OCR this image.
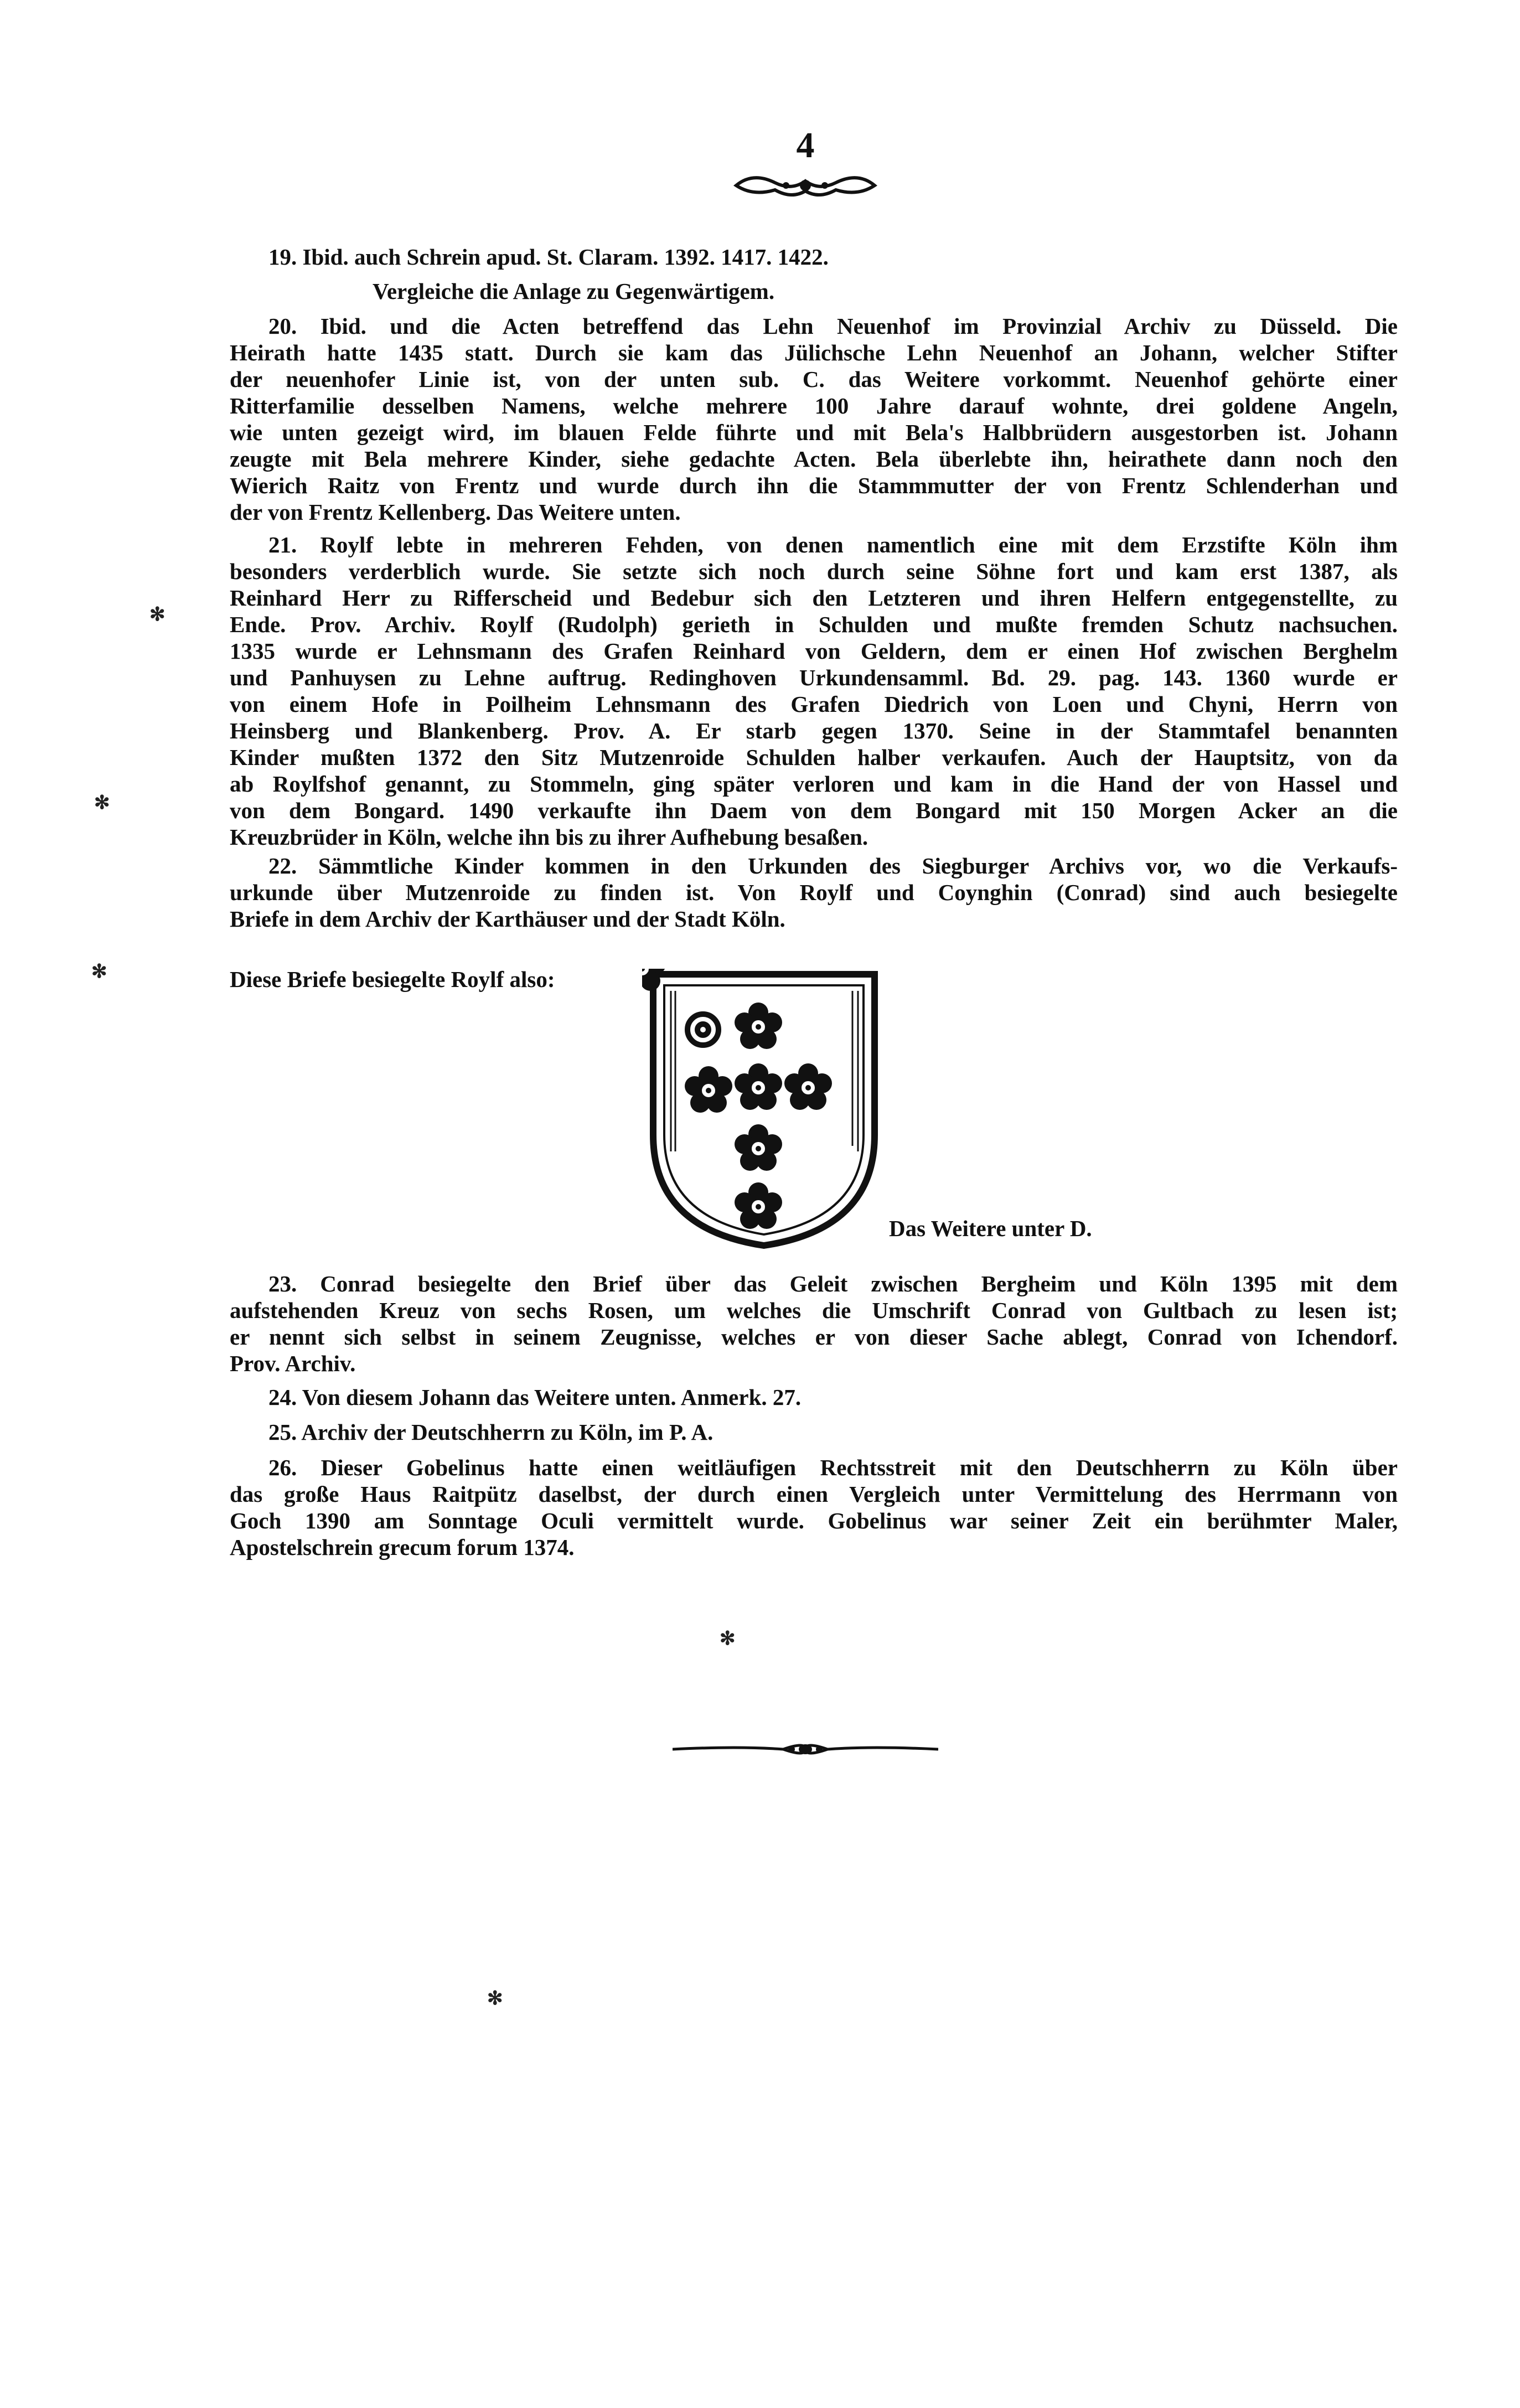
4
19. Ibid. auch Schrein apud. St. Claram. 1392. 1417. 1422.
Vergleiche die Anlage zu Gegenwärtigem.
20. Ibid. und die Acten betreffend das Lehn Neuenhof im Provinzial Archiv zu Düsseld. Die
Heirath hatte 1435 statt. Durch sie kam das Jülichsche Lehn Neuenhof an Johann, welcher Stifter
der neuenhofer Linie ist, von der unten sub. C. das Weitere vorkommt. Neuenhof gehörte einer
Ritterfamilie desselben Namens, welche mehrere 100 Jahre darauf wohnte, drei goldene Angeln,
wie unten gezeigt wird, im blauen Felde führte und mit Bela's Halbbrüdern ausgestorben ist. Johann
zeugte mit Bela mehrere Kinder, siehe gedachte Acten. Bela überlebte ihn, heirathete dann noch den
Wierich Raitz von Frentz und wurde durch ihn die Stammmutter der von Frentz Schlenderhan und
der von Frentz Kellenberg. Das Weitere unten.
21. Roylf lebte in mehreren Fehden, von denen namentlich eine mit dem Erzstifte Köln ihm
besonders verderblich wurde. Sie setzte sich noch durch seine Söhne fort und kam erst 1387, als
Reinhard Herr zu Rifferscheid und Bedebur sich den Letzteren und ihren Helfern entgegenstellte, zu
Ende. Prov. Archiv. Roylf (Rudolph) gerieth in Schulden und mußte fremden Schutz nachsuchen.
1335 wurde er Lehnsmann des Grafen Reinhard von Geldern, dem er einen Hof zwischen Berghelm
und Panhuysen zu Lehne auftrug. Redinghoven Urkundensamml. Bd. 29. pag. 143. 1360 wurde er
von einem Hofe in Poilheim Lehnsmann des Grafen Diedrich von Loen und Chyni, Herrn von
Heinsberg und Blankenberg. Prov. A. Er starb gegen 1370. Seine in der Stammtafel benannten
Kinder mußten 1372 den Sitz Mutzenroide Schulden halber verkaufen. Auch der Hauptsitz, von da
ab Roylfshof genannt, zu Stommeln, ging später verloren und kam in die Hand der von Hassel und
von dem Bongard. 1490 verkaufte ihn Daem von dem Bongard mit 150 Morgen Acker an die
Kreuzbrüder in Köln, welche ihn bis zu ihrer Aufhebung besaßen.
22. Sämmtliche Kinder kommen in den Urkunden des Siegburger Archivs vor, wo die Verkaufs-
urkunde über Mutzenroide zu finden ist. Von Roylf und Coynghin (Conrad) sind auch besiegelte
Briefe in dem Archiv der Karthäuser und der Stadt Köln.
Diese Briefe besiegelte Roylf also:
Das Weitere unter D.
23. Conrad besiegelte den Brief über das Geleit zwischen Bergheim und Köln 1395 mit dem
aufstehenden Kreuz von sechs Rosen, um welches die Umschrift Conrad von Gultbach zu lesen ist;
er nennt sich selbst in seinem Zeugnisse, welches er von dieser Sache ablegt, Conrad von Ichendorf.
Prov. Archiv.
24. Von diesem Johann das Weitere unten. Anmerk. 27.
25. Archiv der Deutschherrn zu Köln, im P. A.
26. Dieser Gobelinus hatte einen weitläufigen Rechtsstreit mit den Deutschherrn zu Köln über
das große Haus Raitpütz daselbst, der durch einen Vergleich unter Vermittelung des Herrmann von
Goch 1390 am Sonntage Oculi vermittelt wurde. Gobelinus war seiner Zeit ein berühmter Maler,
Apostelschrein grecum forum 1374.
✻
✻
✻
✻
✻
